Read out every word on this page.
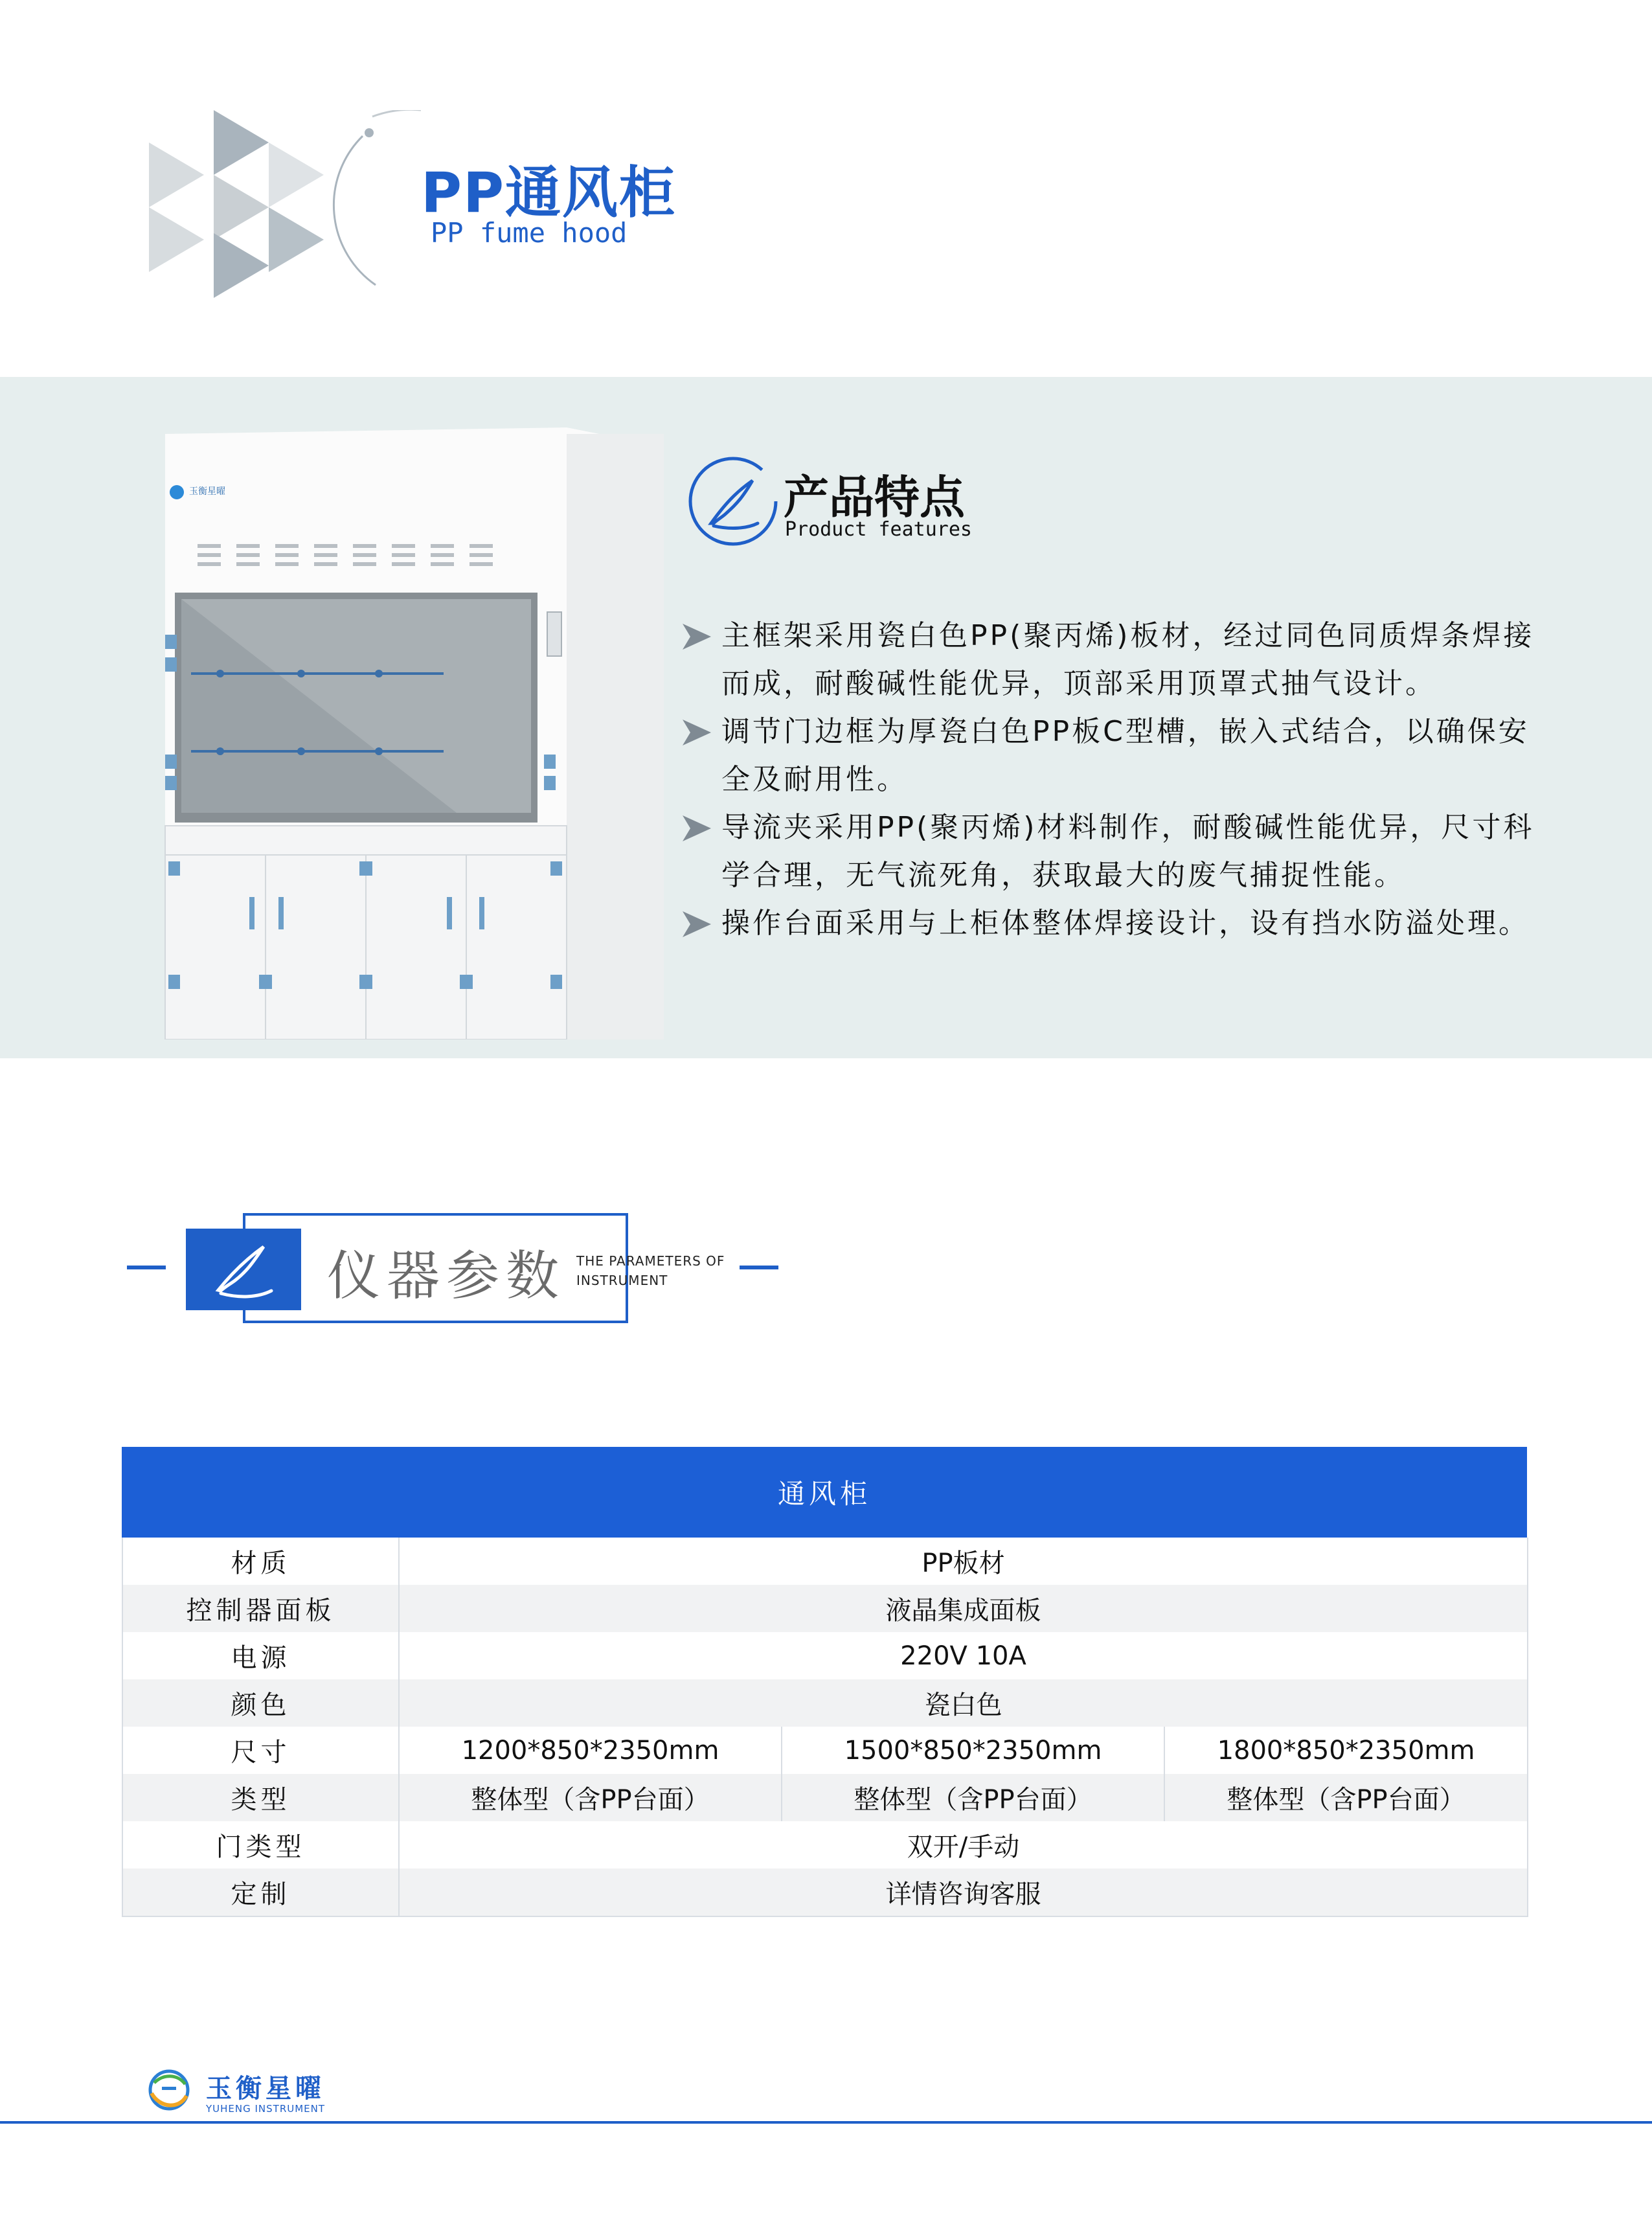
PP通风柜
PP fume hood
玉衡星曜	产品特点
Product features
主框架采用瓷白色PP(聚丙烯)板材，经过同色同质焊条焊接而成，耐酸碱性能优异，顶部采用顶罩式抽气设计。
调节门边框为厚瓷白色PP板C型槽，嵌入式结合，以确保安全及耐用性。
导流夹采用PP(聚丙烯)材料制作，耐酸碱性能优异，尺寸科学合理，无气流死角，获取最大的废气捕捉性能。
操作台面采用与上柜体整体焊接设计，设有挡水防溢处理。
仪器参数 THE PARAMETERS OF
INSTRUMENT
通风柜
材质	PP板材		
控制器面板	液晶集成面板		
电源	220V 10A		
颜色	瓷白色		
尺寸	1200*850*2350mm	1500*850*2350mm	1800*850*2350mm
类型	整体型（含PP台面）	整体型（含PP台面）	整体型（含PP台面）
门类型	双开/手动		
定制	详情咨询客服		
玉衡星曜
YUHENG INSTRUMENT
